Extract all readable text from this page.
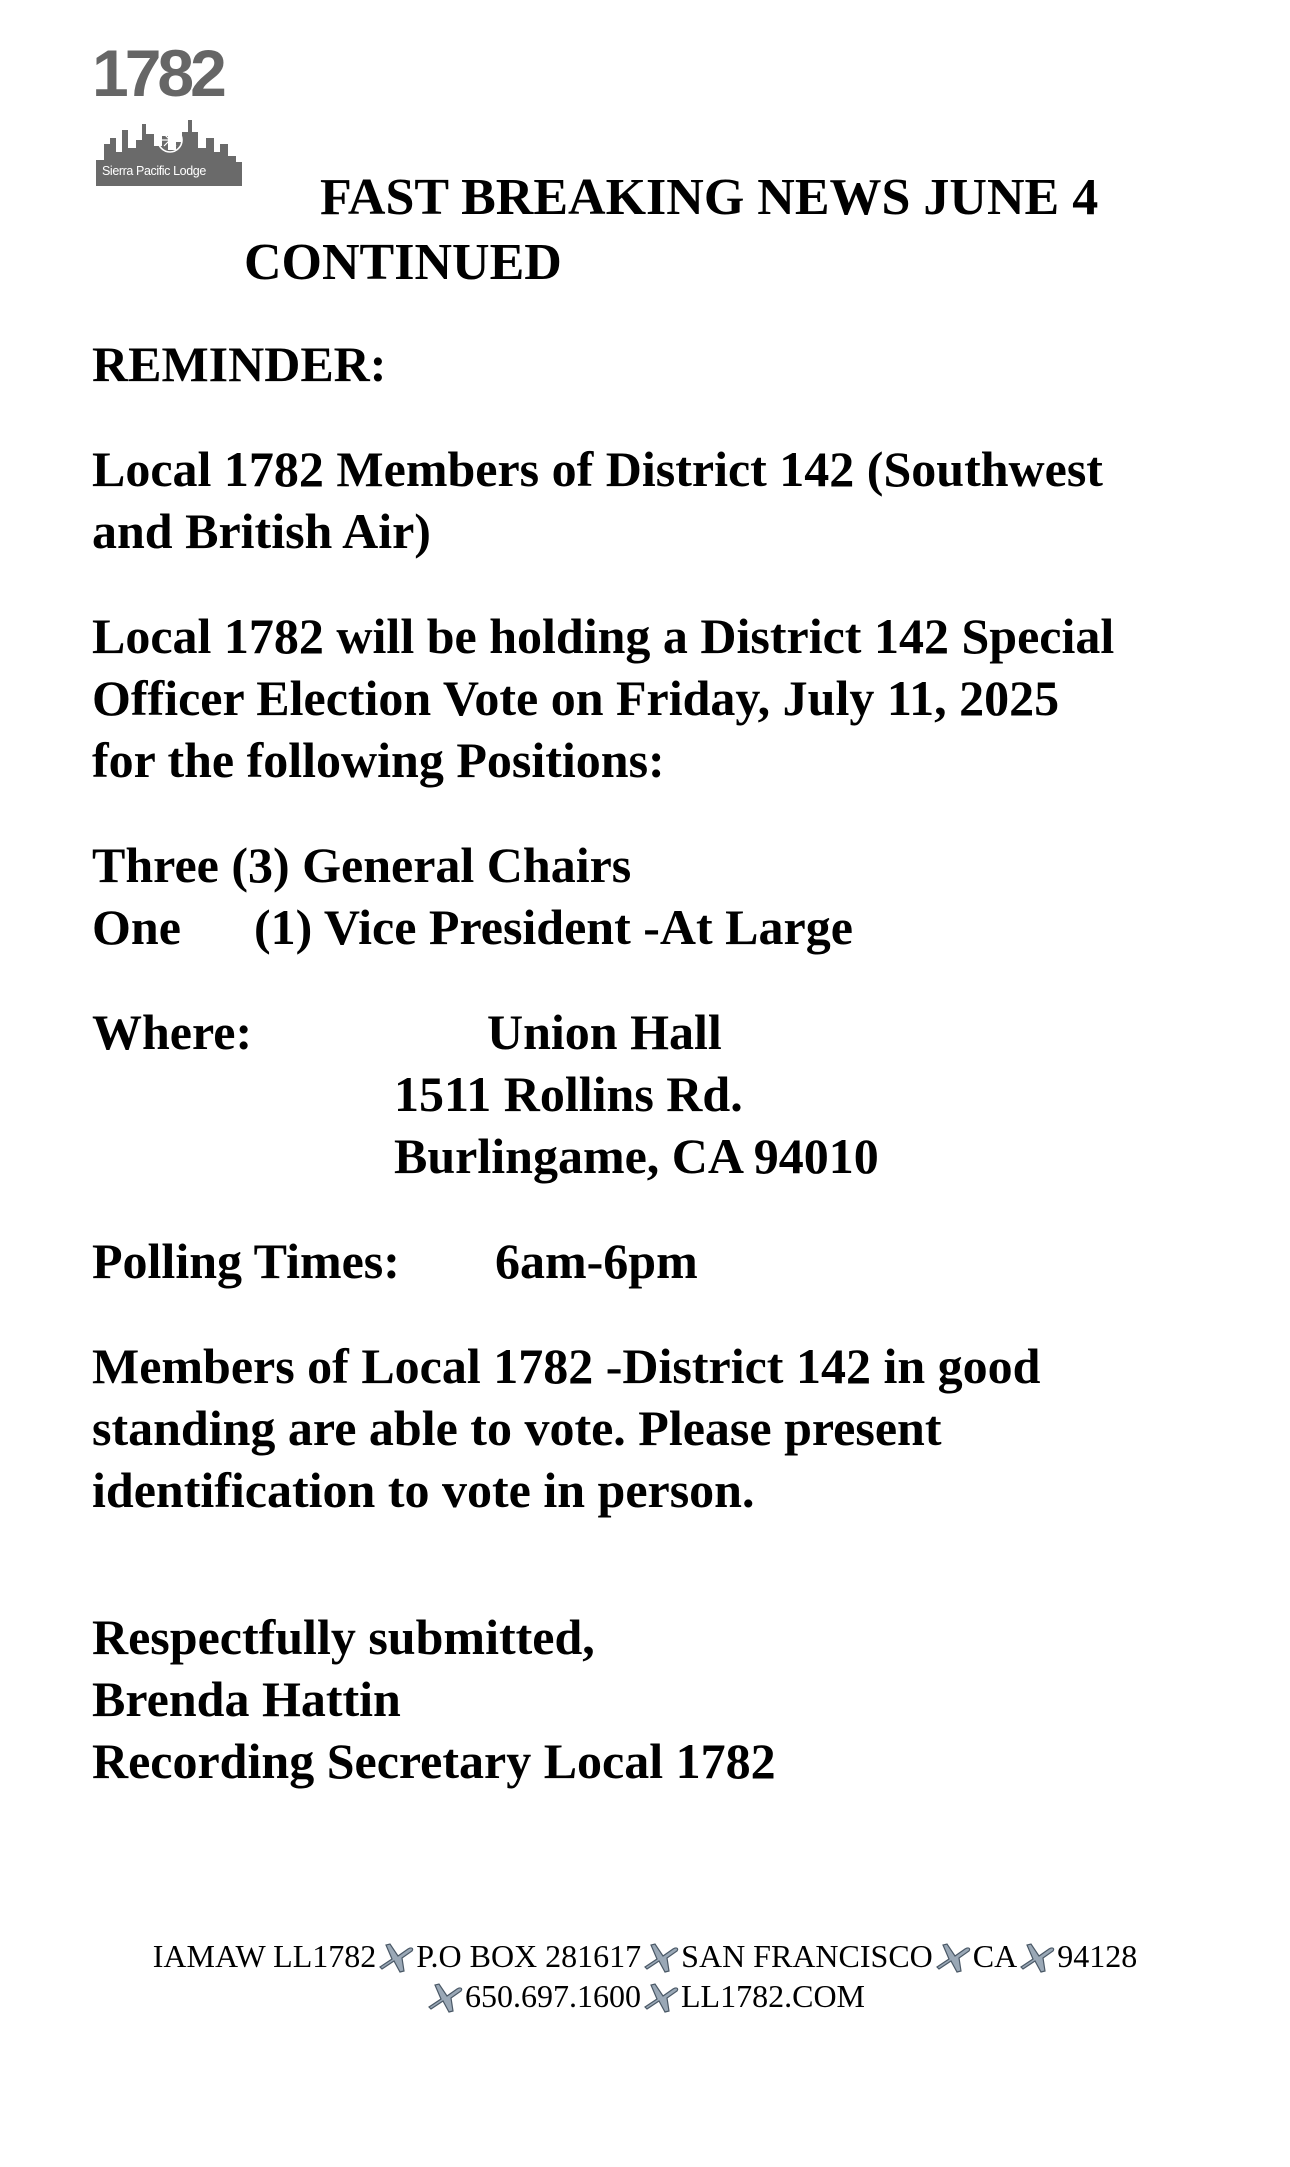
1782
Sierra Pacific Lodge FAST BREAKING NEWS JUNE 4
CONTINUED
REMINDER:
Local 1782 Members of District 142 (Southwest
and British Air)
Local 1782 will be holding a District 142 Special
Officer Election Vote on Friday, July 11, 2025
for the following Positions:
Three (3) General Chairs
One (1) Vice President -At Large
Where:	Union Hall
1511 Rollins Rd.
Burlingame, CA 94010
Polling Times: 6am-6pm
Members of Local 1782 -District 142 in good
standing are able to vote. Please present
identification to vote in person.
Respectfully submitted,
Brenda Hattin
Recording Secretary Local 1782
IAMAW LL1782 P.O BOX 281617 SAN FRANCISCO CA 94128
650.697.1600 LL1782.COM
